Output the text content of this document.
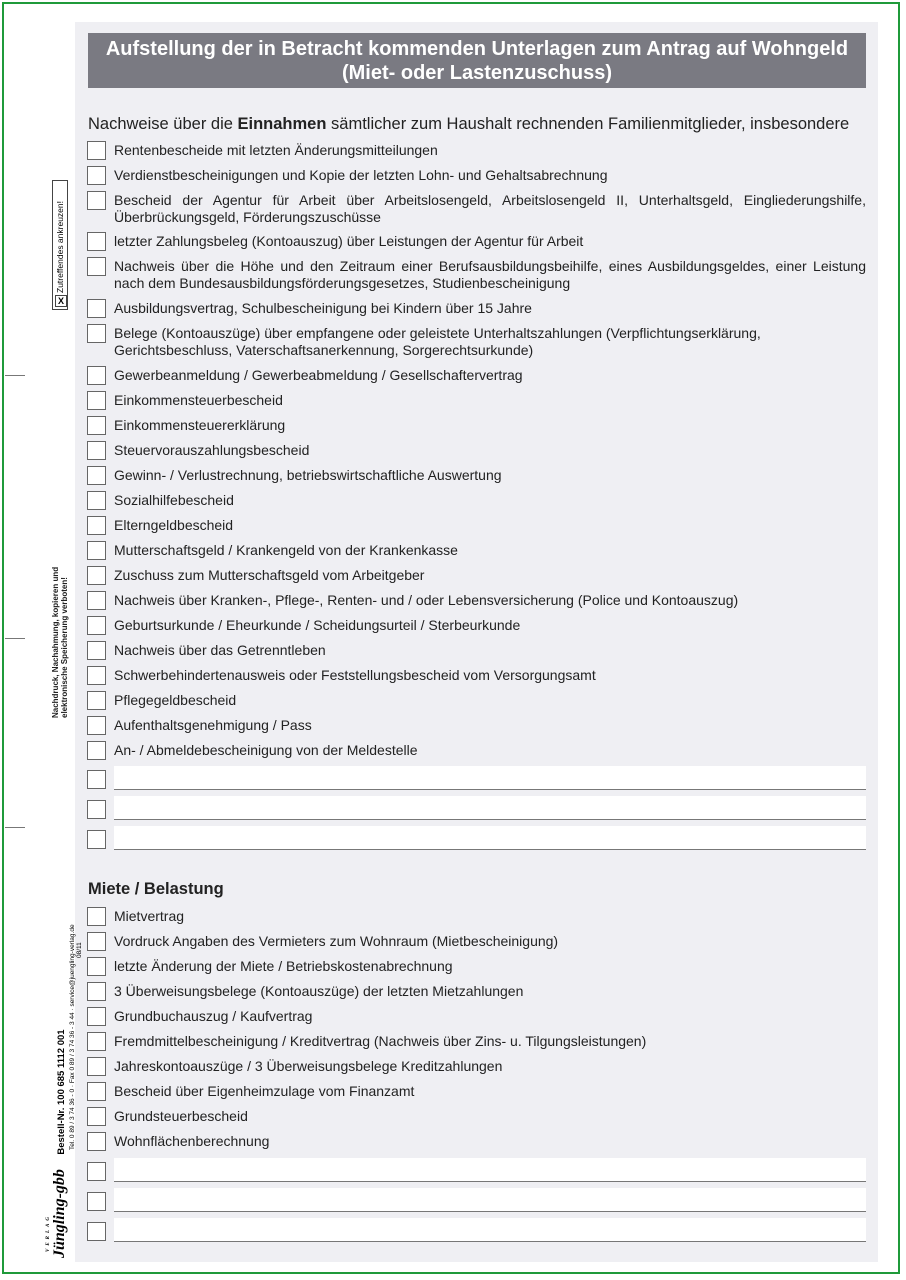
Aufstellung der in Betracht kommenden Unterlagen zum Antrag auf Wohngeld
(Miet- oder Lastenzuschuss)
Nachweise über die Einnahmen sämtlicher zum Haushalt rechnenden Familienmitglieder, insbesondere
Rentenbescheide mit letzten Änderungsmitteilungen
Verdienstbescheinigungen und Kopie der letzten Lohn- und Gehaltsabrechnung
Bescheid der Agentur für Arbeit über Arbeitslosengeld, Arbeitslosengeld II, Unterhaltsgeld, Eingliederungshilfe, Überbrückungsgeld, Förderungszuschüsse
letzter Zahlungsbeleg (Kontoauszug) über Leistungen der Agentur für Arbeit
Nachweis über die Höhe und den Zeitraum einer Berufsausbildungsbeihilfe, eines Ausbildungsgeldes, einer Leistung nach dem Bundesausbildungsförderungsgesetzes, Studienbescheinigung
Ausbildungsvertrag, Schulbescheinigung bei Kindern über 15 Jahre
Belege (Kontoauszüge) über empfangene oder geleistete Unterhaltszahlungen (Verpflichtungserklärung, Gerichtsbeschluss, Vaterschaftsanerkennung, Sorgerechtsurkunde)
Gewerbeanmeldung / Gewerbeabmeldung / Gesellschaftervertrag
Einkommensteuerbescheid
Einkommensteuererklärung
Steuervorauszahlungsbescheid
Gewinn- / Verlustrechnung, betriebswirtschaftliche Auswertung
Sozialhilfebescheid
Elterngeldbescheid
Mutterschaftsgeld / Krankengeld von der Krankenkasse
Zuschuss zum Mutterschaftsgeld vom Arbeitgeber
Nachweis über Kranken-, Pflege-, Renten- und / oder Lebensversicherung (Police und Kontoauszug)
Geburtsurkunde / Eheurkunde / Scheidungsurteil / Sterbeurkunde
Nachweis über das Getrenntleben
Schwerbehindertenausweis oder Feststellungsbescheid vom Versorgungsamt
Pflegegeldbescheid
Aufenthaltsgenehmigung / Pass
An- / Abmeldebescheinigung von der Meldestelle
Miete / Belastung
Mietvertrag
Vordruck Angaben des Vermieters zum Wohnraum (Mietbescheinigung)
letzte Änderung der Miete / Betriebskostenabrechnung
3 Überweisungsbelege (Kontoauszüge) der letzten Mietzahlungen
Grundbuchauszug / Kaufvertrag
Fremdmittelbescheinigung / Kreditvertrag (Nachweis über Zins- u. Tilgungsleistungen)
Jahreskontoauszüge / 3 Überweisungsbelege Kreditzahlungen
Bescheid über Eigenheimzulage vom Finanzamt
Grundsteuerbescheid
Wohnflächenberechnung
X
Zutreffendes ankreuzen!
Nachdruck, Nachahmung, kopieren und elektronische Speicherung verboten!
VERLAG Jüngling-gbb Bestell-Nr. 100 685 1112 001 Tel. 0 89 / 3 74 36 - 0 · Fax 0 89 / 3 74 36 - 3 44 · service@juengling-verlag.de 08/11
